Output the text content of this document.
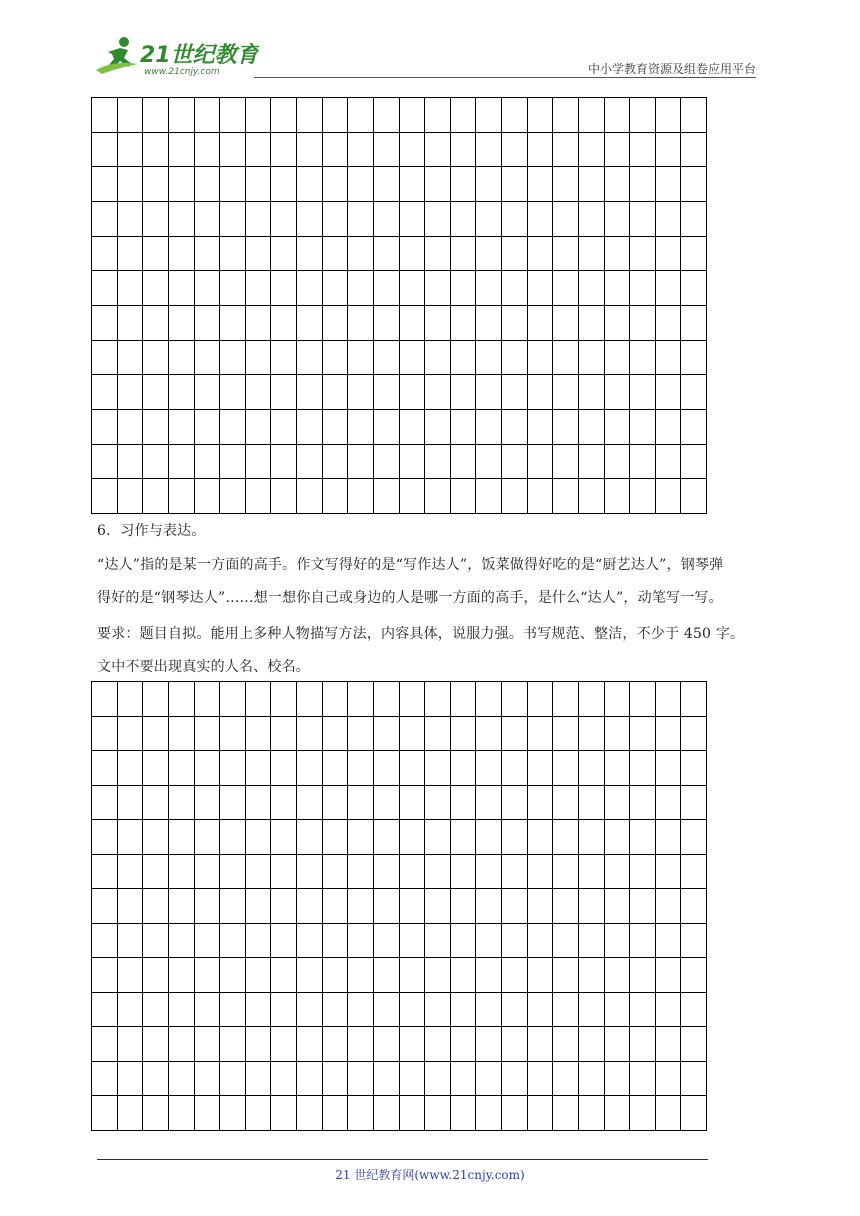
21世纪教育
www.21cnjy.com	中小学教育资源及组卷应用平台
6．习作与表达。
“达人”指的是某一方面的高手。作文写得好的是“写作达人”，饭菜做得好吃的是“厨艺达人”，钢琴弹
得好的是“钢琴达人”……想一想你自己或身边的人是哪一方面的高手，是什么“达人”，动笔写一写。
要求：题目自拟。能用上多种人物描写方法，内容具体，说服力强。书写规范、整洁，不少于 450 字。
文中不要出现真实的人名、校名。
21 世纪教育网(www.21cnjy.com)
